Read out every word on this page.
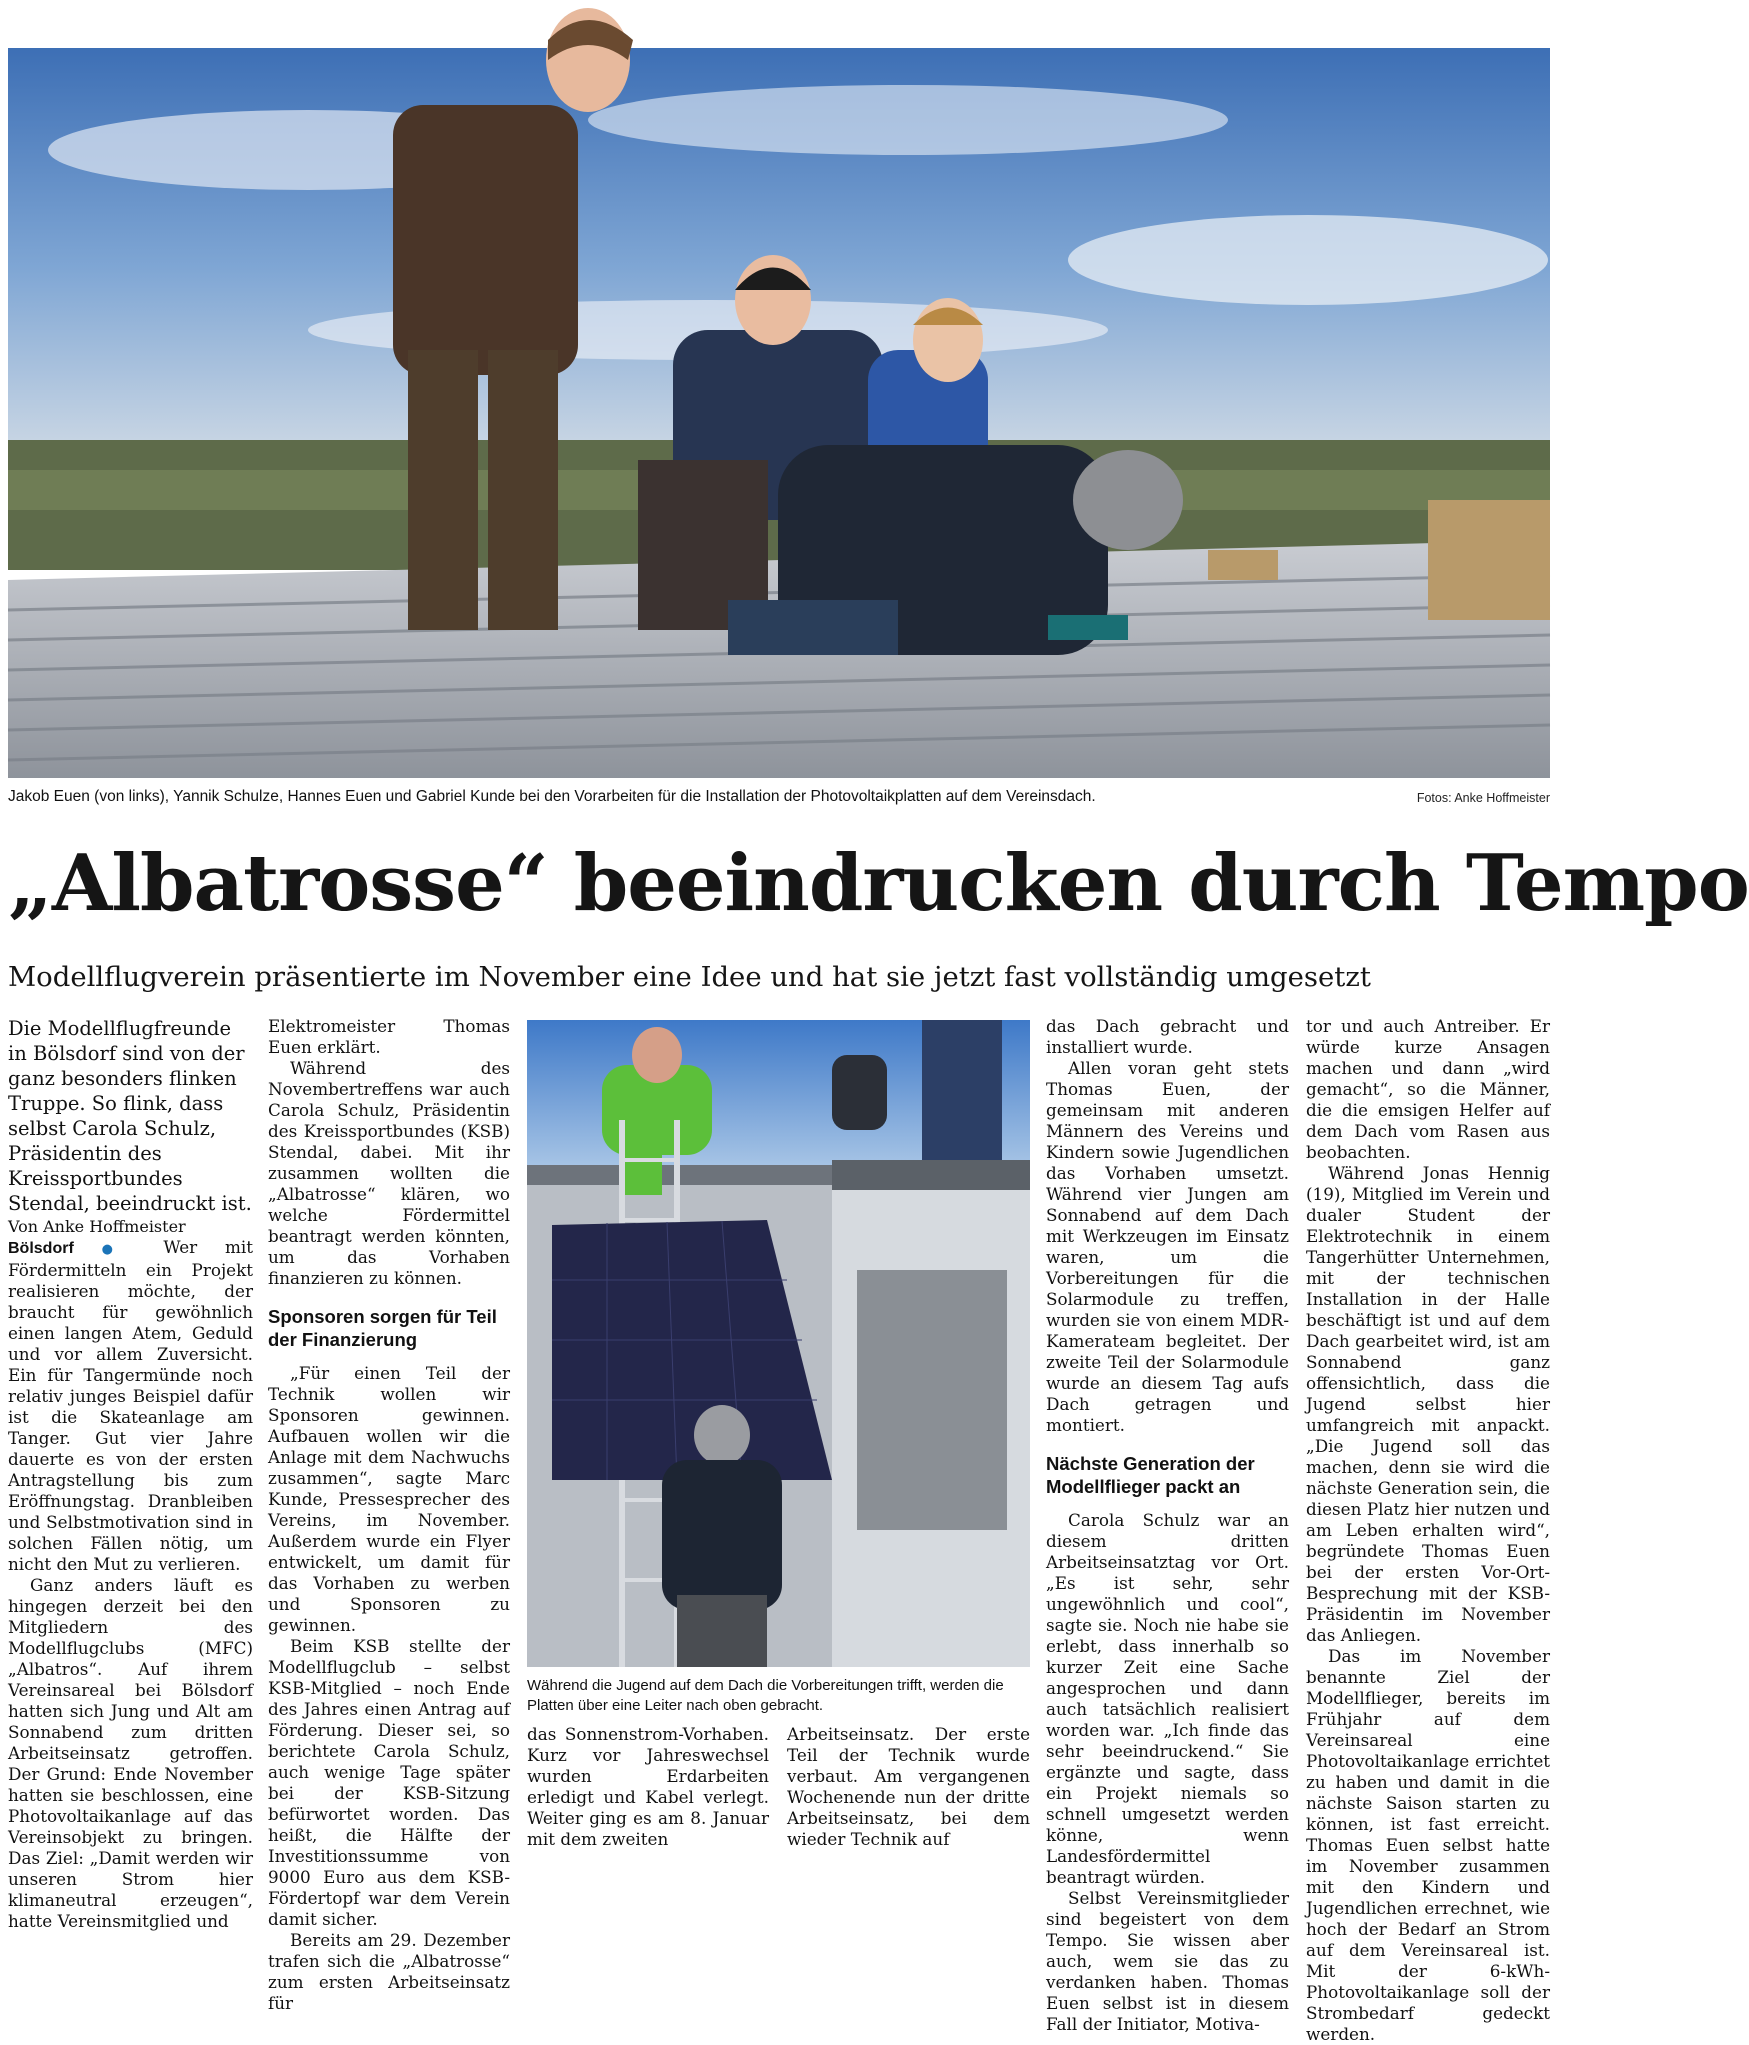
Jakob Euen (von links), Yannik Schulze, Hannes Euen und Gabriel Kunde bei den Vorarbeiten für die Installation der Photovoltaikplatten auf dem Vereinsdach.	Fotos: Anke Hoffmeister
„Albatrosse“ beeindrucken durch Tempo
Modellflugverein präsentierte im November eine Idee und hat sie jetzt fast vollständig umgesetzt

Die Modellflugfreunde in Bölsdorf sind von der ganz besonders flinken Truppe. So flink, dass selbst Carola Schulz, Präsidentin des Kreissportbundes Stendal, beeindruckt ist.

Von Anke Hoffmeister

Bölsdorf ● Wer mit Fördermitteln ein Projekt realisieren möchte, der braucht für gewöhnlich einen langen Atem, Geduld und vor allem Zuversicht. Ein für Tangermünde noch relativ junges Beispiel dafür ist die Skateanlage am Tanger. Gut vier Jahre dauerte es von der ersten Antragstellung bis zum Eröffnungstag. Dranbleiben und Selbstmotivation sind in solchen Fällen nötig, um nicht den Mut zu verlieren.

Ganz anders läuft es hingegen derzeit bei den Mitgliedern des Modellflugclubs (MFC) „Albatros“. Auf ihrem Vereinsareal bei Bölsdorf hatten sich Jung und Alt am Sonnabend zum dritten Arbeitseinsatz getroffen. Der Grund: Ende November hatten sie beschlossen, eine Photovoltaikanlage auf das Vereinsobjekt zu bringen. Das Ziel: „Damit werden wir unseren Strom hier klimaneutral erzeugen“, hatte Vereinsmitglied und

Elektromeister Thomas Euen erklärt.

Während des Novembertreffens war auch Carola Schulz, Präsidentin des Kreissportbundes (KSB) Stendal, dabei. Mit ihr zusammen wollten die „Albatrosse“ klären, wo welche Fördermittel beantragt werden könnten, um das Vorhaben finanzieren zu können.

Sponsoren sorgen für Teil der Finanzierung

„Für einen Teil der Technik wollen wir Sponsoren gewinnen. Aufbauen wollen wir die Anlage mit dem Nachwuchs zusammen“, sagte Marc Kunde, Pressesprecher des Vereins, im November. Außerdem wurde ein Flyer entwickelt, um damit für das Vorhaben zu werben und Sponsoren zu gewinnen.

Beim KSB stellte der Modellflugclub – selbst KSB-Mitglied – noch Ende des Jahres einen Antrag auf Förderung. Dieser sei, so berichtete Carola Schulz, auch wenige Tage später bei der KSB-Sitzung befürwortet worden. Das heißt, die Hälfte der Investitionssumme von 9000 Euro aus dem KSB-Fördertopf war dem Verein damit sicher.

Bereits am 29. Dezember trafen sich die „Albatrosse“ zum ersten Arbeitseinsatz für

Während die Jugend auf dem Dach die Vorbereitungen trifft, werden die Platten über eine Leiter nach oben gebracht.

das Sonnenstrom-Vorhaben. Kurz vor Jahreswechsel wurden Erdarbeiten erledigt und Kabel verlegt. Weiter ging es am 8. Januar mit dem zweiten

Arbeitseinsatz. Der erste Teil der Technik wurde verbaut. Am vergangenen Wochenende nun der dritte Arbeitseinsatz, bei dem wieder Technik auf

das Dach gebracht und installiert wurde.

Allen voran geht stets Thomas Euen, der gemeinsam mit anderen Männern des Vereins und Kindern sowie Jugendlichen das Vorhaben umsetzt. Während vier Jungen am Sonnabend auf dem Dach mit Werkzeugen im Einsatz waren, um die Vorbereitungen für die Solarmodule zu treffen, wurden sie von einem MDR-Kamerateam begleitet. Der zweite Teil der Solarmodule wurde an diesem Tag aufs Dach getragen und montiert.

Nächste Generation der Modellflieger packt an

Carola Schulz war an diesem dritten Arbeitseinsatztag vor Ort. „Es ist sehr, sehr ungewöhnlich und cool“, sagte sie. Noch nie habe sie erlebt, dass innerhalb so kurzer Zeit eine Sache angesprochen und dann auch tatsächlich realisiert worden war. „Ich finde das sehr beeindruckend.“ Sie ergänzte und sagte, dass ein Projekt niemals so schnell umgesetzt werden könne, wenn Landesfördermittel beantragt würden.

Selbst Vereinsmitglieder sind begeistert von dem Tempo. Sie wissen aber auch, wem sie das zu verdanken haben. Thomas Euen selbst ist in diesem Fall der Initiator, Motiva-

tor und auch Antreiber. Er würde kurze Ansagen machen und dann „wird gemacht“, so die Männer, die die emsigen Helfer auf dem Dach vom Rasen aus beobachten.

Während Jonas Hennig (19), Mitglied im Verein und dualer Student der Elektrotechnik in einem Tangerhütter Unternehmen, mit der technischen Installation in der Halle beschäftigt ist und auf dem Dach gearbeitet wird, ist am Sonnabend ganz offensichtlich, dass die Jugend selbst hier umfangreich mit anpackt. „Die Jugend soll das machen, denn sie wird die nächste Generation sein, die diesen Platz hier nutzen und am Leben erhalten wird“, begründete Thomas Euen bei der ersten Vor-Ort-Besprechung mit der KSB-Präsidentin im November das Anliegen.

Das im November benannte Ziel der Modellflieger, bereits im Frühjahr auf dem Vereinsareal eine Photovoltaikanlage errichtet zu haben und damit in die nächste Saison starten zu können, ist fast erreicht. Thomas Euen selbst hatte im November zusammen mit den Kindern und Jugendlichen errechnet, wie hoch der Bedarf an Strom auf dem Vereinsareal ist. Mit der 6-kWh-Photovoltaikanlage soll der Strombedarf gedeckt werden.
